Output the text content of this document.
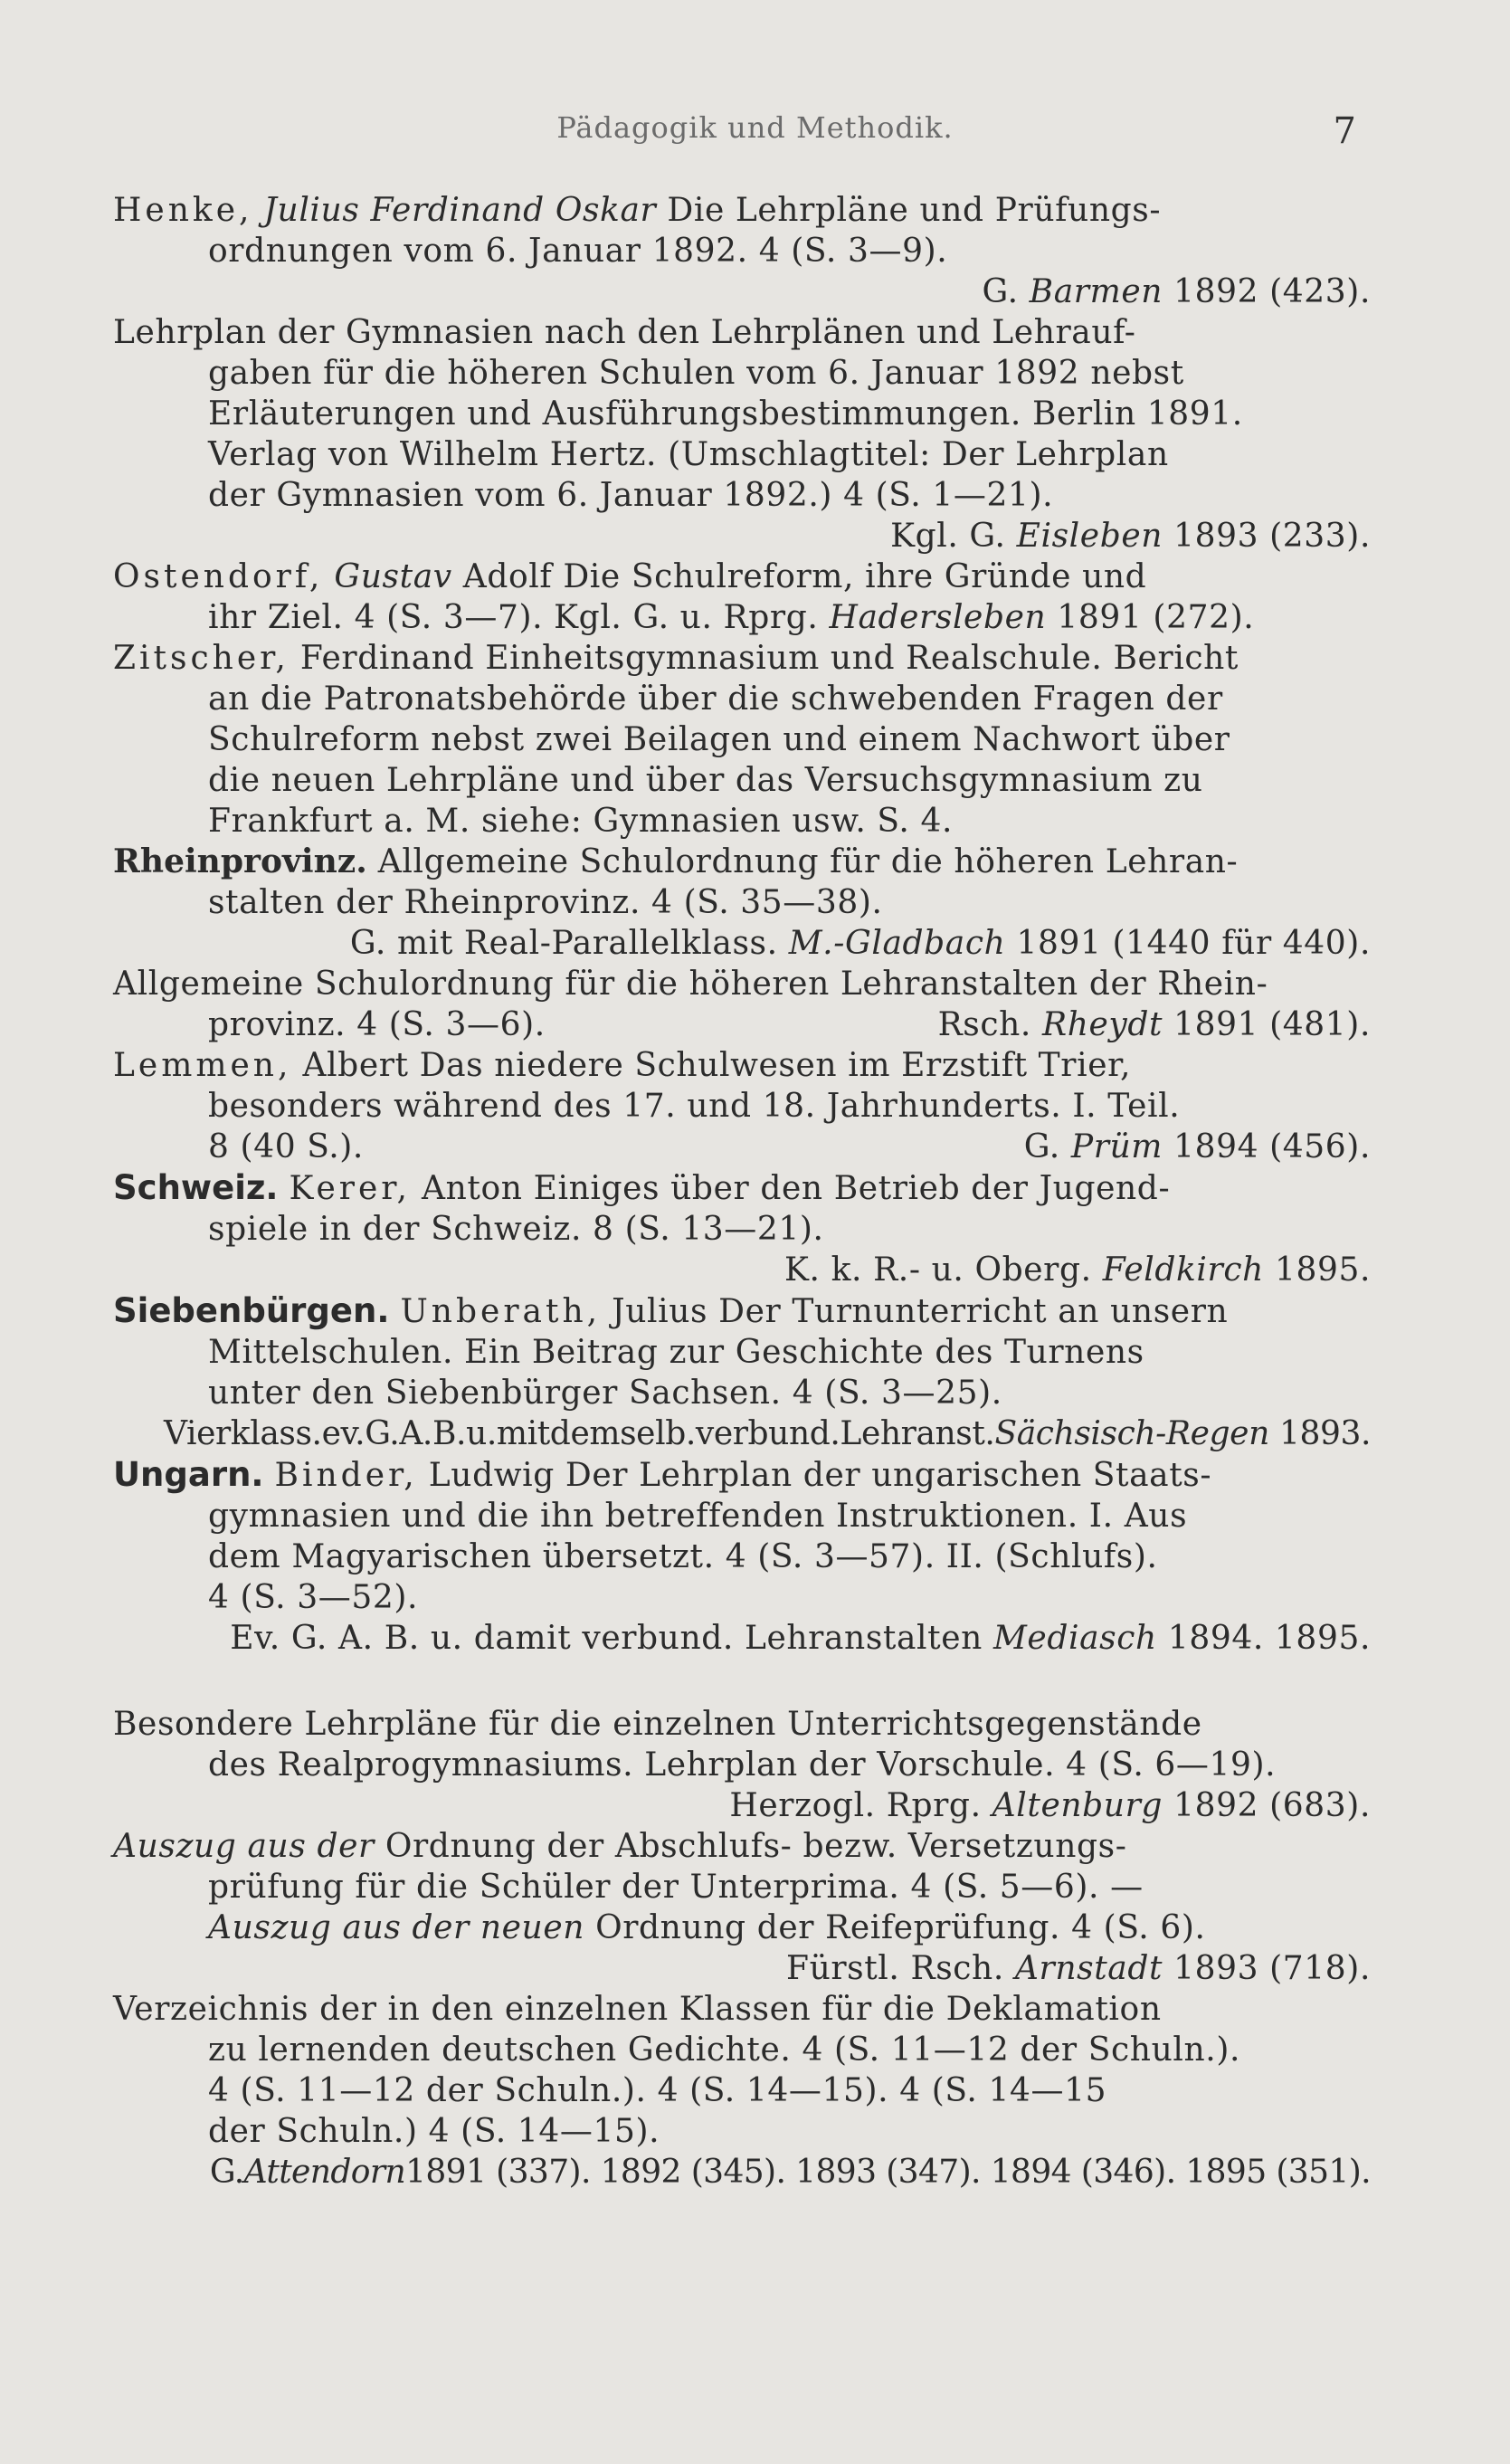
Pädagogik und Methodik.	7
Henke, Julius Ferdinand Oskar Die Lehrpläne und Prüfungs-
ordnungen vom 6. Januar 1892. 4 (S. 3—9).
G. Barmen 1892 (423).
Lehrplan der Gymnasien nach den Lehrplänen und Lehrauf-
gaben für die höheren Schulen vom 6. Januar 1892 nebst
Erläuterungen und Ausführungsbestimmungen. Berlin 1891.
Verlag von Wilhelm Hertz. (Umschlagtitel: Der Lehrplan
der Gymnasien vom 6. Januar 1892.) 4 (S. 1—21).
Kgl. G. Eisleben 1893 (233).
Ostendorf, Gustav Adolf Die Schulreform, ihre Gründe und
ihr Ziel. 4 (S. 3—7). Kgl. G. u. Rprg. Hadersleben 1891 (272).
Zitscher, Ferdinand Einheitsgymnasium und Realschule. Bericht
an die Patronatsbehörde über die schwebenden Fragen der
Schulreform nebst zwei Beilagen und einem Nachwort über
die neuen Lehrpläne und über das Versuchsgymnasium zu
Frankfurt a. M. siehe: Gymnasien usw. S. 4.
Rheinprovinz. Allgemeine Schulordnung für die höheren Lehran-
stalten der Rheinprovinz. 4 (S. 35—38).
G. mit Real-Parallelklass. M.-Gladbach 1891 (1440 für 440).
Allgemeine Schulordnung für die höheren Lehranstalten der Rhein-
provinz. 4 (S. 3—6).	Rsch. Rheydt 1891 (481).
Lemmen, Albert Das niedere Schulwesen im Erzstift Trier,
besonders während des 17. und 18. Jahrhunderts. I. Teil.
8 (40 S.).	G. Prüm 1894 (456).
Schweiz. Kerer, Anton Einiges über den Betrieb der Jugend-
spiele in der Schweiz. 8 (S. 13—21).
K. k. R.- u. Oberg. Feldkirch 1895.
Siebenbürgen. Unberath, Julius Der Turnunterricht an unsern
Mittelschulen. Ein Beitrag zur Geschichte des Turnens
unter den Siebenbürger Sachsen. 4 (S. 3—25).
Vierklass.ev.G.A.B.u.mitdemselb.verbund.Lehranst.Sächsisch-Regen 1893.
Ungarn. Binder, Ludwig Der Lehrplan der ungarischen Staats-
gymnasien und die ihn betreffenden Instruktionen. I. Aus
dem Magyarischen übersetzt. 4 (S. 3—57). II. (Schlufs).
4 (S. 3—52).
Ev. G. A. B. u. damit verbund. Lehranstalten Mediasch 1894. 1895.
Besondere Lehrpläne für die einzelnen Unterrichtsgegenstände
des Realprogymnasiums. Lehrplan der Vorschule. 4 (S. 6—19).
Herzogl. Rprg. Altenburg 1892 (683).
Auszug aus der Ordnung der Abschlufs- bezw. Versetzungs-
prüfung für die Schüler der Unterprima. 4 (S. 5—6). —
Auszug aus der neuen Ordnung der Reifeprüfung. 4 (S. 6).
Fürstl. Rsch. Arnstadt 1893 (718).
Verzeichnis der in den einzelnen Klassen für die Deklamation
zu lernenden deutschen Gedichte. 4 (S. 11—12 der Schuln.).
4 (S. 11—12 der Schuln.). 4 (S. 14—15). 4 (S. 14—15
der Schuln.) 4 (S. 14—15).
G.Attendorn1891 (337). 1892 (345). 1893 (347). 1894 (346). 1895 (351).
